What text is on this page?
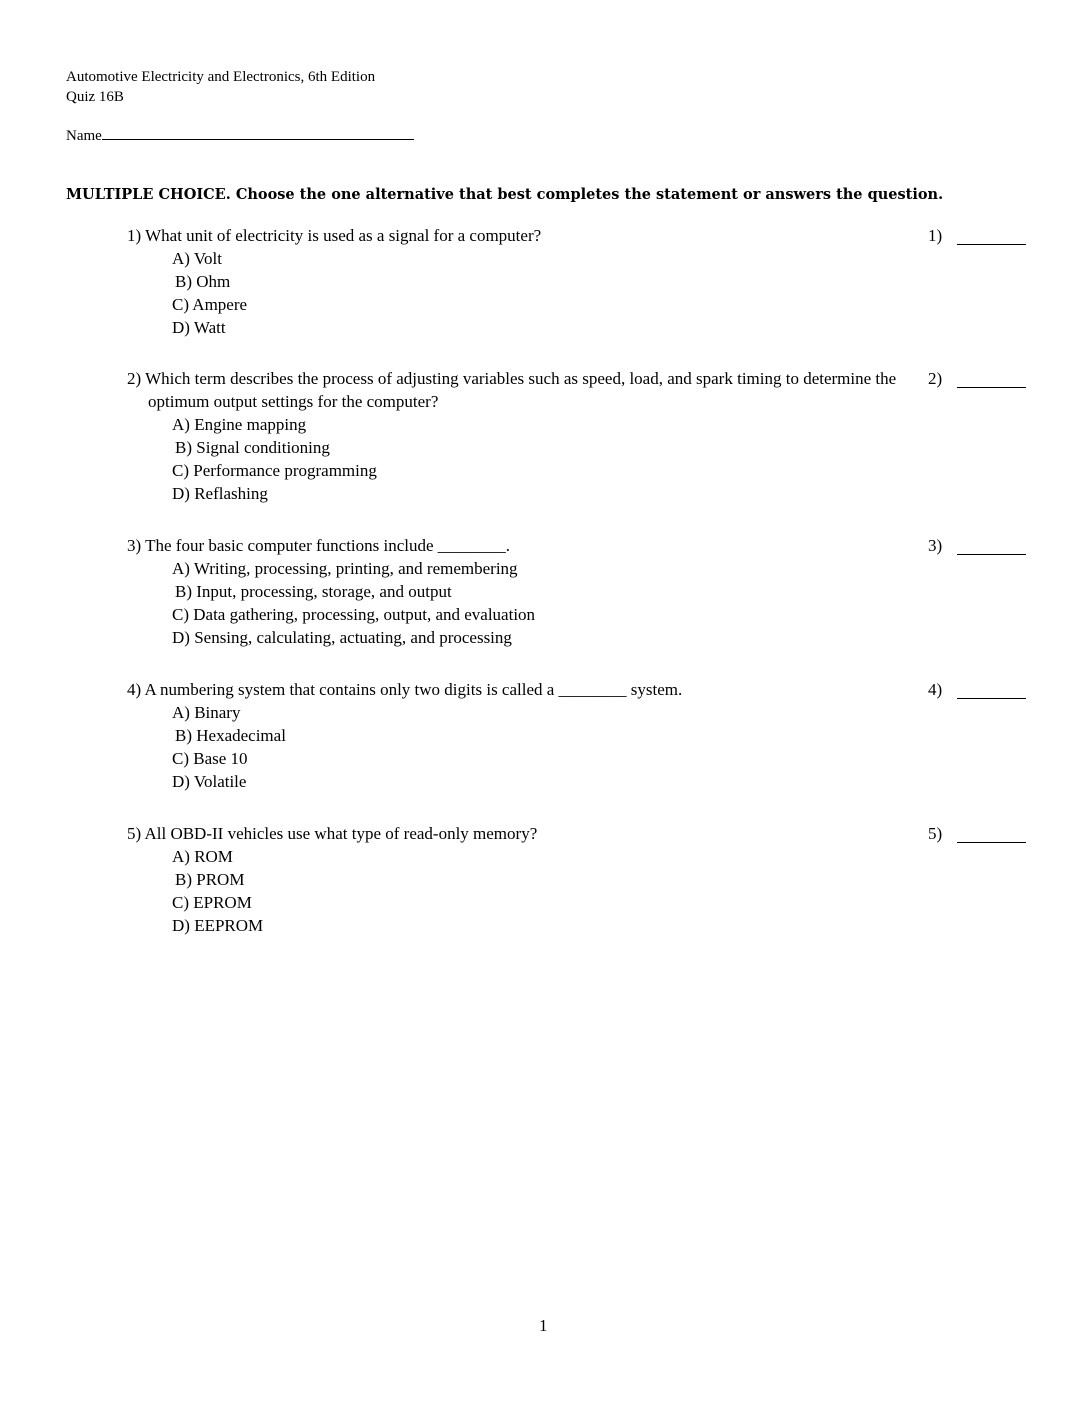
Automotive Electricity and Electronics, 6th Edition
Quiz 16B
Name
MULTIPLE CHOICE. Choose the one alternative that best completes the statement or answers the question.
1) What unit of electricity is used as a signal for a computer?
A) Volt
B) Ohm
C) Ampere
D) Watt
1)
2) Which term describes the process of adjusting variables such as speed, load, and spark timing to determine the optimum output settings for the computer?
A) Engine mapping
B) Signal conditioning
C) Performance programming
D) Reflashing
2)
3) The four basic computer functions include ________.
A) Writing, processing, printing, and remembering
B) Input, processing, storage, and output
C) Data gathering, processing, output, and evaluation
D) Sensing, calculating, actuating, and processing
3)
4) A numbering system that contains only two digits is called a ________ system.
A) Binary
B) Hexadecimal
C) Base 10
D) Volatile
4)
5) All OBD-II vehicles use what type of read-only memory?
A) ROM
B) PROM
C) EPROM
D) EEPROM
5)
1
